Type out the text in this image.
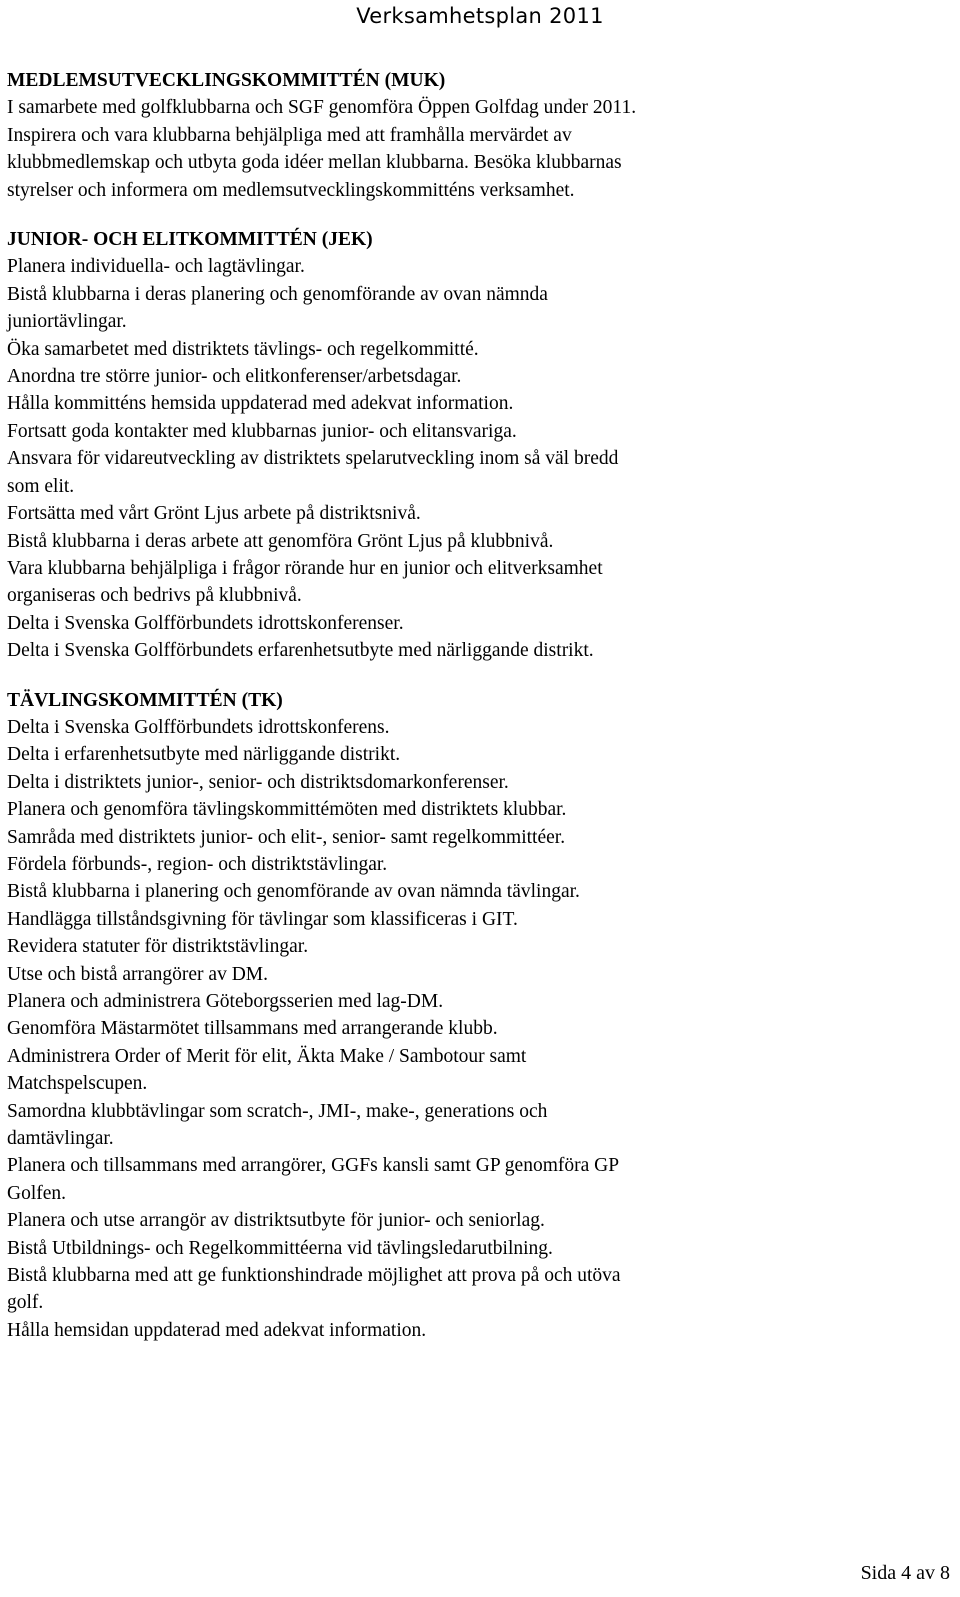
Verksamhetsplan 2011

MEDLEMSUTVECKLINGSKOMMITTÉN (MUK)

I samarbete med golfklubbarna och SGF genomföra Öppen Golfdag under 2011.

Inspirera och vara klubbarna behjälpliga med att framhålla mervärdet av

klubbmedlemskap och utbyta goda idéer mellan klubbarna. Besöka klubbarnas

styrelser och informera om medlemsutvecklingskommitténs verksamhet.

JUNIOR- OCH ELITKOMMITTÉN (JEK)

Planera individuella- och lagtävlingar.

Bistå klubbarna i deras planering och genomförande av ovan nämnda

juniortävlingar.

Öka samarbetet med distriktets tävlings- och regelkommitté.

Anordna tre större junior- och elitkonferenser/arbetsdagar.

Hålla kommitténs hemsida uppdaterad med adekvat information.

Fortsatt goda kontakter med klubbarnas junior- och elitansvariga.

Ansvara för vidareutveckling av distriktets spelarutveckling inom så väl bredd

som elit.

Fortsätta med vårt Grönt Ljus arbete på distriktsnivå.

Bistå klubbarna i deras arbete att genomföra Grönt Ljus på klubbnivå.

Vara klubbarna behjälpliga i frågor rörande hur en junior och elitverksamhet

organiseras och bedrivs på klubbnivå.

Delta i Svenska Golfförbundets idrottskonferenser.

Delta i Svenska Golfförbundets erfarenhetsutbyte med närliggande distrikt.

TÄVLINGSKOMMITTÉN (TK)

Delta i Svenska Golfförbundets idrottskonferens.

Delta i erfarenhetsutbyte med närliggande distrikt.

Delta i distriktets junior-, senior- och distriktsdomarkonferenser.

Planera och genomföra tävlingskommittémöten med distriktets klubbar.

Samråda med distriktets junior- och elit-, senior- samt regelkommittéer.

Fördela förbunds-, region- och distriktstävlingar.

Bistå klubbarna i planering och genomförande av ovan nämnda tävlingar.

Handlägga tillståndsgivning för tävlingar som klassificeras i GIT.

Revidera statuter för distriktstävlingar.

Utse och bistå arrangörer av DM.

Planera och administrera Göteborgsserien med lag-DM.

Genomföra Mästarmötet tillsammans med arrangerande klubb.

Administrera Order of Merit för elit, Äkta Make / Sambotour samt

Matchspelscupen.

Samordna klubbtävlingar som scratch-, JMI-, make-, generations och

damtävlingar.

Planera och tillsammans med arrangörer, GGFs kansli samt GP genomföra GP

Golfen.

Planera och utse arrangör av distriktsutbyte för junior- och seniorlag.

Bistå Utbildnings- och Regelkommittéerna vid tävlingsledarutbilning.

Bistå klubbarna med att ge funktionshindrade möjlighet att prova på och utöva

golf.

Hålla hemsidan uppdaterad med adekvat information.

Sida 4 av 8
